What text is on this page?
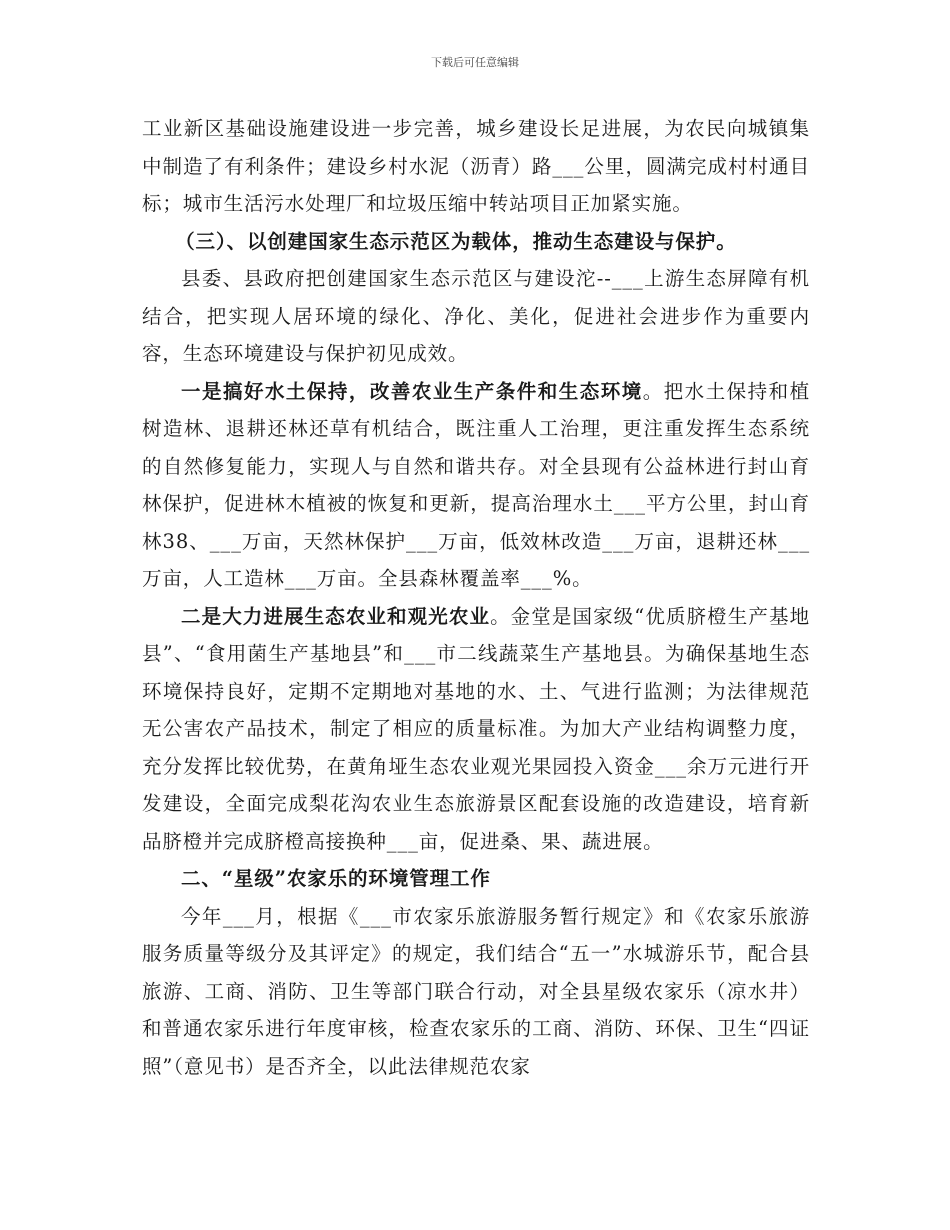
下载后可任意编辑

工业新区基础设施建设进一步完善，城乡建设长足进展，为农民向城镇集中制造了有利条件；建设乡村水泥（沥青）路___公里，圆满完成村村通目标；城市生活污水处理厂和垃圾压缩中转站项目正加紧实施。

（三）、以创建国家生态示范区为载体，推动生态建设与保护。

县委、县政府把创建国家生态示范区与建设沱--___上游生态屏障有机结合，把实现人居环境的绿化、净化、美化，促进社会进步作为重要内容，生态环境建设与保护初见成效。

一是搞好水土保持，改善农业生产条件和生态环境。把水土保持和植树造林、退耕还林还草有机结合，既注重人工治理，更注重发挥生态系统的自然修复能力，实现人与自然和谐共存。对全县现有公益林进行封山育林保护，促进林木植被的恢复和更新，提高治理水土___平方公里，封山育林38、___万亩，天然林保护___万亩，低效林改造___万亩，退耕还林___万亩，人工造林___万亩。全县森林覆盖率___%。

二是大力进展生态农业和观光农业。金堂是国家级“优质脐橙生产基地县”、“食用菌生产基地县”和___市二线蔬菜生产基地县。为确保基地生态环境保持良好，定期不定期地对基地的水、土、气进行监测；为法律规范无公害农产品技术，制定了相应的质量标准。为加大产业结构调整力度，充分发挥比较优势，在黄角垭生态农业观光果园投入资金___余万元进行开发建设，全面完成梨花沟农业生态旅游景区配套设施的改造建设，培育新品脐橙并完成脐橙高接换种___亩，促进桑、果、蔬进展。

二、“星级”农家乐的环境管理工作

今年___月，根据《___市农家乐旅游服务暂行规定》和《农家乐旅游服务质量等级分及其评定》的规定，我们结合“五一”水城游乐节，配合县旅游、工商、消防、卫生等部门联合行动，对全县星级农家乐（凉水井）和普通农家乐进行年度审核，检查农家乐的工商、消防、环保、卫生“四证照”（意见书）是否齐全，以此法律规范农家
